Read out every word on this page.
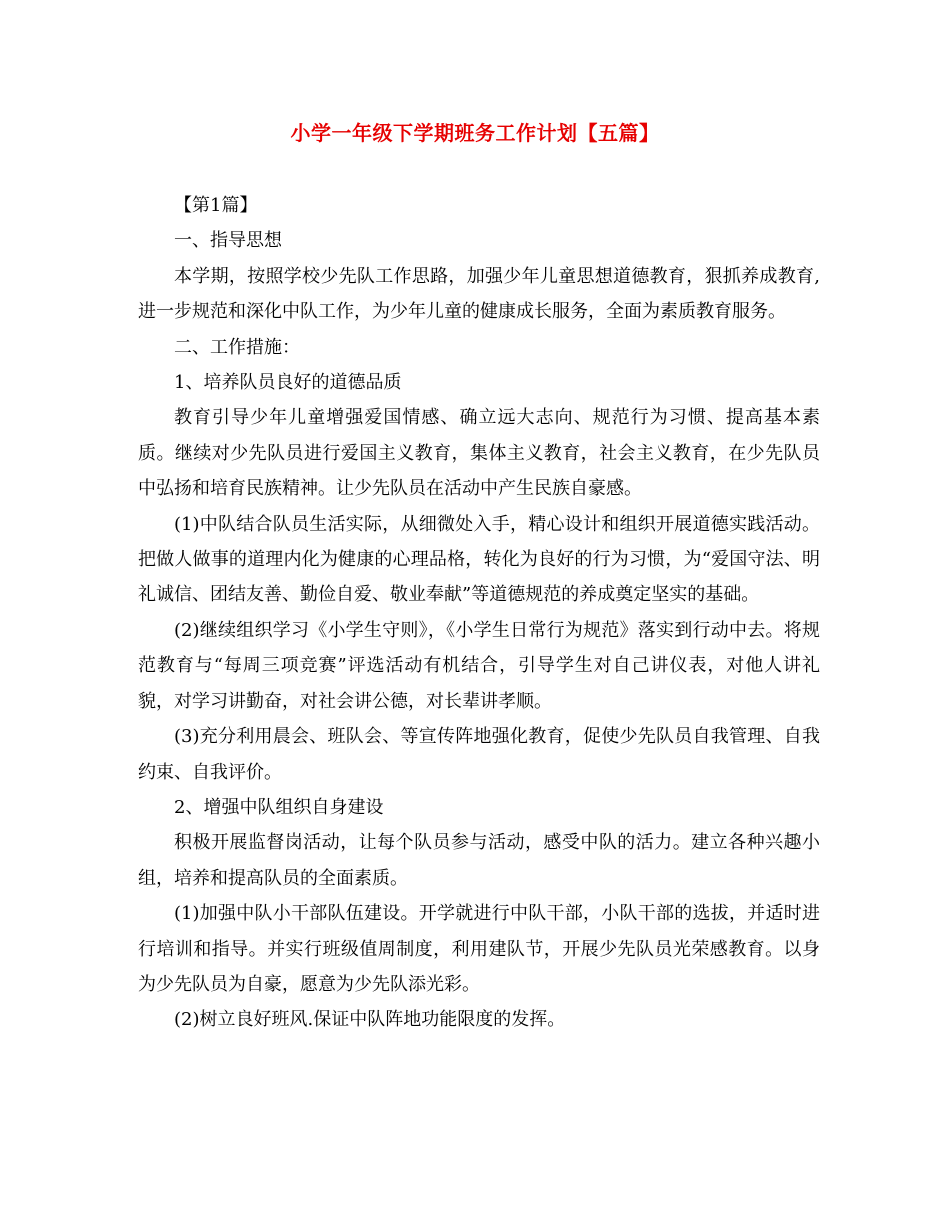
小学一年级下学期班务工作计划【五篇】

【第1篇】

一、指导思想

本学期，按照学校少先队工作思路，加强少年儿童思想道德教育，狠抓养成教育,进一步规范和深化中队工作，为少年儿童的健康成长服务，全面为素质教育服务。

二、工作措施：

1、培养队员良好的道德品质

教育引导少年儿童增强爱国情感、确立远大志向、规范行为习惯、提高基本素质。继续对少先队员进行爱国主义教育，集体主义教育，社会主义教育，在少先队员中弘扬和培育民族精神。让少先队员在活动中产生民族自豪感。

(1)中队结合队员生活实际，从细微处入手，精心设计和组织开展道德实践活动。把做人做事的道理内化为健康的心理品格，转化为良好的行为习惯，为“爱国守法、明礼诚信、团结友善、勤俭自爱、敬业奉献”等道德规范的养成奠定坚实的基础。

(2)继续组织学习《小学生守则》，《小学生日常行为规范》落实到行动中去。将规范教育与“每周三项竞赛”评选活动有机结合，引导学生对自己讲仪表，对他人讲礼貌，对学习讲勤奋，对社会讲公德，对长辈讲孝顺。

(3)充分利用晨会、班队会、等宣传阵地强化教育，促使少先队员自我管理、自我约束、自我评价。

2、增强中队组织自身建设

积极开展监督岗活动，让每个队员参与活动，感受中队的活力。建立各种兴趣小组，培养和提高队员的全面素质。

(1)加强中队小干部队伍建设。开学就进行中队干部，小队干部的选拔，并适时进行培训和指导。并实行班级值周制度，利用建队节，开展少先队员光荣感教育。以身为少先队员为自豪，愿意为少先队添光彩。

(2)树立良好班风.保证中队阵地功能限度的发挥。
